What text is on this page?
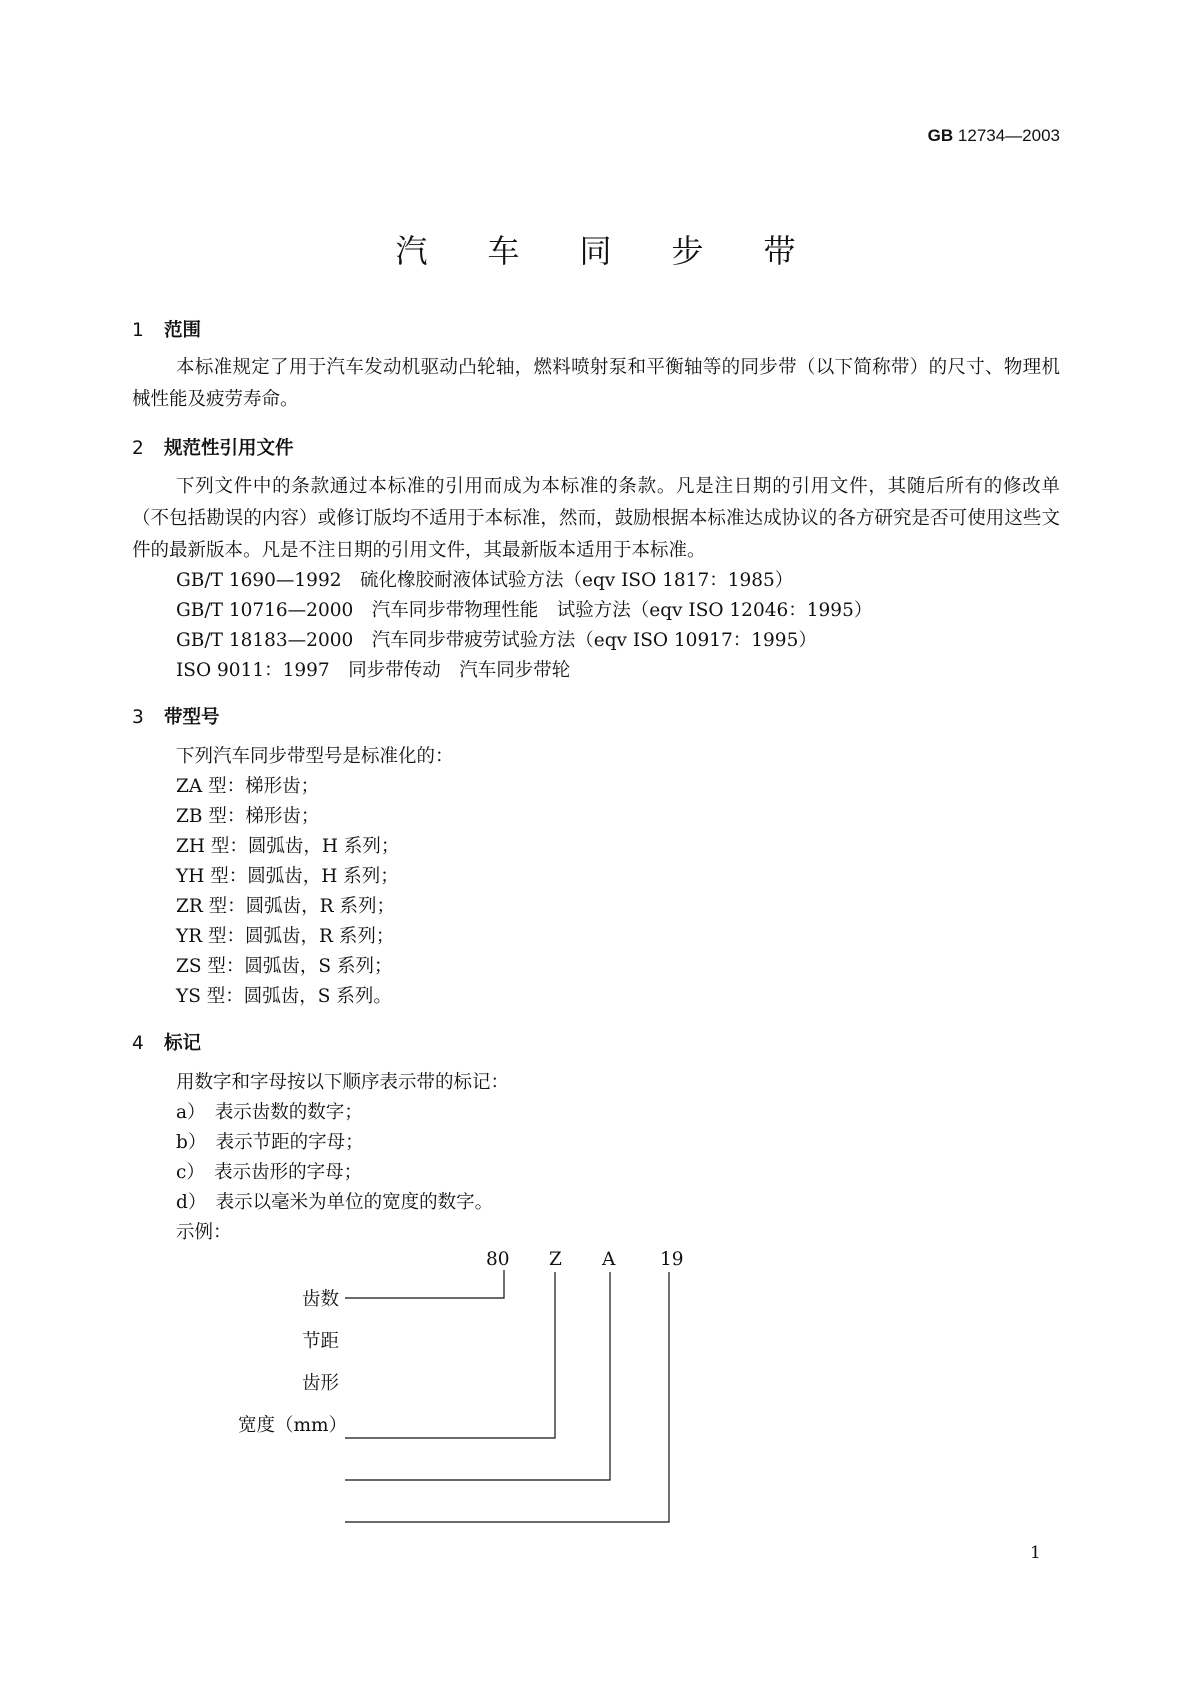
GB 12734—2003
汽车同步带
1 范围
本标准规定了用于汽车发动机驱动凸轮轴，燃料喷射泵和平衡轴等的同步带（以下简称带）的尺寸、物理机械性能及疲劳寿命。
2 规范性引用文件
下列文件中的条款通过本标准的引用而成为本标准的条款。凡是注日期的引用文件，其随后所有的修改单（不包括勘误的内容）或修订版均不适用于本标准，然而，鼓励根据本标准达成协议的各方研究是否可使用这些文件的最新版本。凡是不注日期的引用文件，其最新版本适用于本标准。
GB/T 1690—1992　硫化橡胶耐液体试验方法（eqv ISO 1817：1985）
GB/T 10716—2000　汽车同步带物理性能　试验方法（eqv ISO 12046：1995）
GB/T 18183—2000　汽车同步带疲劳试验方法（eqv ISO 10917：1995）
ISO 9011：1997　同步带传动　汽车同步带轮
3 带型号
下列汽车同步带型号是标准化的：
ZA 型：梯形齿；
ZB 型：梯形齿；
ZH 型：圆弧齿，H 系列；
YH 型：圆弧齿，H 系列；
ZR 型：圆弧齿，R 系列；
YR 型：圆弧齿，R 系列；
ZS 型：圆弧齿，S 系列；
YS 型：圆弧齿，S 系列。
4 标记
用数字和字母按以下顺序表示带的标记：
a）　表示齿数的数字；
b）　表示节距的字母；
c）　表示齿形的字母；
d）　表示以毫米为单位的宽度的数字。
示例：
80 Z A 19
齿数
节距
齿形
宽度（mm）
1
